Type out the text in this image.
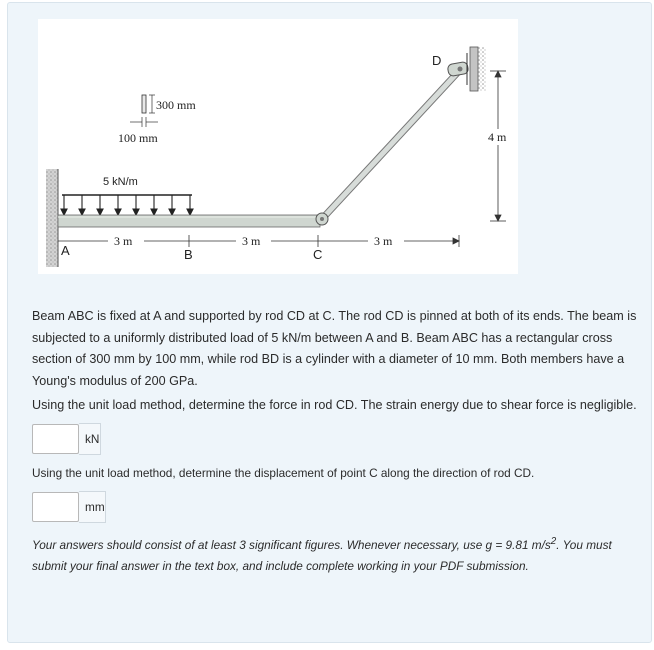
300 mm
100 mm
5 kN/m
D
A	B	C
3 m	3 m	3 m
4 m

Beam ABC is fixed at A and supported by rod CD at C. The rod CD is pinned at both of its ends. The beam is subjected to a uniformly distributed load of 5 kN/m between A and B. Beam ABC has a rectangular cross section of 300 mm by 100 mm, while rod BD is a cylinder with a diameter of 10 mm. Both members have a Young's modulus of 200 GPa.

Using the unit load method, determine the force in rod CD. The strain energy due to shear force is negligible.

kN

Using the unit load method, determine the displacement of point C along the direction of rod CD.

mm

Your answers should consist of at least 3 significant figures. Whenever necessary, use g = 9.81 $m/s^2$. You must submit your final answer in the text box, and include complete working in your PDF submission.
